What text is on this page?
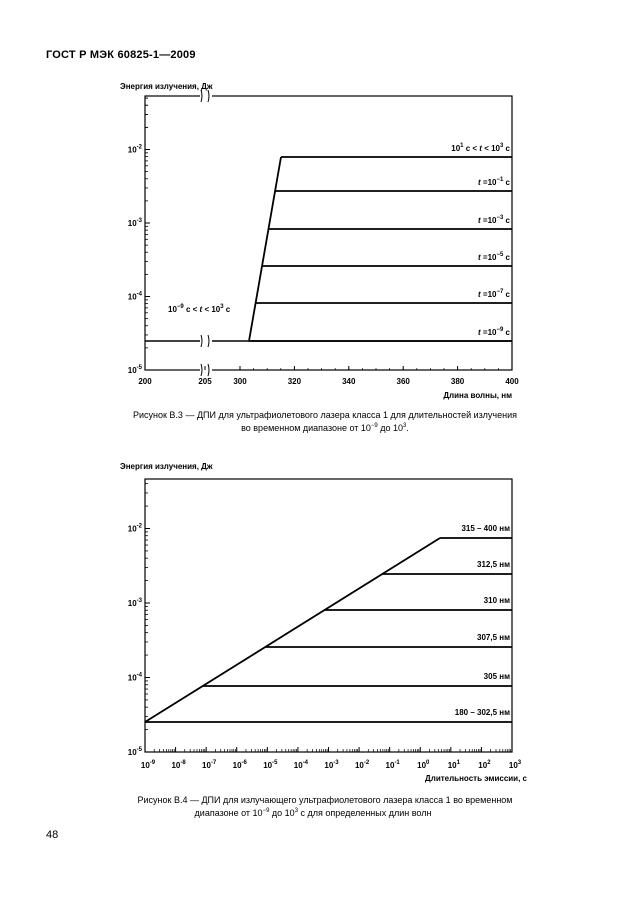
ГОСТ Р МЭК 60825-1—2009
48
$10^{-2}$
$10^{-3}$
$10^{-4}$
$10^{-5}$
200	205	300	320	340	360	380	400
Энергия излучения, Дж
Длина волны, нм
$10^1$ $c < t < 10^3$ c
$t =10^{-1}$ c
$t =10^{-3}$ c
$t =10^{-5}$ c
$t =10^{-7}$ c
$t =10^{-9}$ c
$10^{-9}$ $c < t < 10^3$ c
Рисунок В.3 — ДПИ для ультрафиолетового лазера класса 1 для длительностей излучения
во временном диапазоне от $10^{-9}$ до $10^3$.
$10^{-2}$
$10^{-3}$
$10^{-4}$
$10^{-5}$
$10^{-9}$ $10^{-8}$ $10^{-7}$ $10^{-6}$ $10^{-5}$ $10^{-4}$ $10^{-3}$ $10^{-2}$ $10^{-1}$ $10^0$ $10^1$ $10^2$ $10^3$
Энергия излучения, Дж
Длительность эмиссии, с
315 – 400 нм
312,5 нм
310 нм
307,5 нм
305 нм
180 – 302,5 нм
Рисунок В.4 — ДПИ для излучающего ультрафиолетового лазера класса 1 во временном
диапазоне от $10^{-9}$ до $10^3$ с для определенных длин волн
